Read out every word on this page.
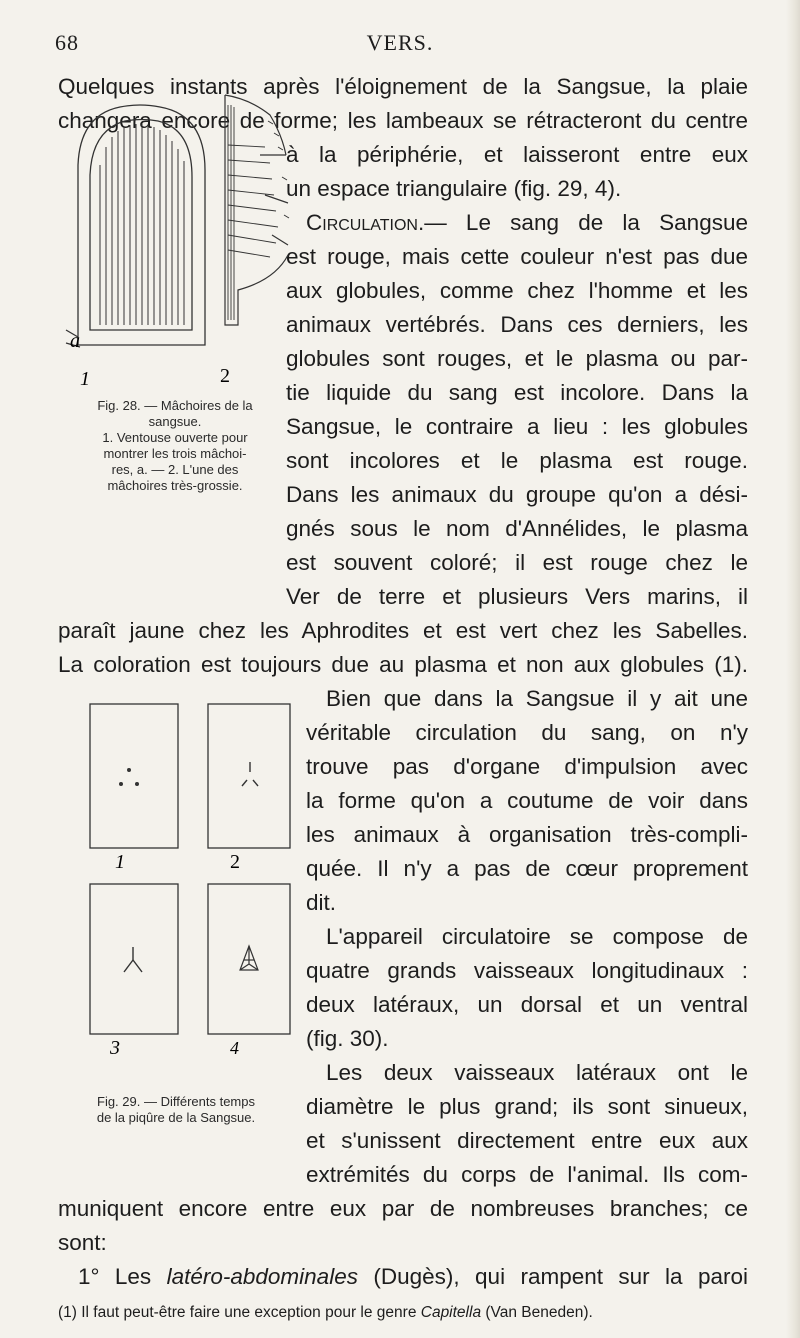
68	VERS.
Quelques instants après l'éloignement de la Sangsue, la plaie
changera encore de forme; les lambeaux se rétracteront du centre
à la périphérie, et laisseront entre eux
un espace triangulaire (fig. 29, 4).
Circulation.— Le sang de la Sangsue
est rouge, mais cette couleur n'est pas due
aux globules, comme chez l'homme et les
animaux vertébrés. Dans ces derniers, les
globules sont rouges, et le plasma ou par-
tie liquide du sang est incolore. Dans la
Sangsue, le contraire a lieu : les globules
sont incolores et le plasma est rouge.
Dans les animaux du groupe qu'on a dési-
gnés sous le nom d'Annélides, le plasma
est souvent coloré; il est rouge chez le
Ver de terre et plusieurs Vers marins, il
paraît jaune chez les Aphrodites et est vert chez les Sabelles.
La coloration est toujours due au plasma et non aux globules (1).
Bien que dans la Sangsue il y ait une
véritable circulation du sang, on n'y
trouve pas d'organe d'impulsion avec
la forme qu'on a coutume de voir dans
les animaux à organisation très-compli-
quée. Il n'y a pas de cœur proprement
dit.
L'appareil circulatoire se compose de
quatre grands vaisseaux longitudinaux :
deux latéraux, un dorsal et un ventral
(fig. 30).
Les deux vaisseaux latéraux ont le
diamètre le plus grand; ils sont sinueux,
et s'unissent directement entre eux aux
extrémités du corps de l'animal. Ils com-
muniquent encore entre eux par de nombreuses branches; ce
sont:
1° Les latéro-abdominales (Dugès), qui rampent sur la paroi
a
1	2
Fig. 28. — Mâchoires de la
sangsue.
1. Ventouse ouverte pour
montrer les trois mâchoi-
res, a. — 2. L'une des
mâchoires très-grossie.
1	2
3	4
Fig. 29. — Différents temps
de la piqûre de la Sangsue.
(1) Il faut peut-être faire une exception pour le genre Capitella (Van Beneden).
